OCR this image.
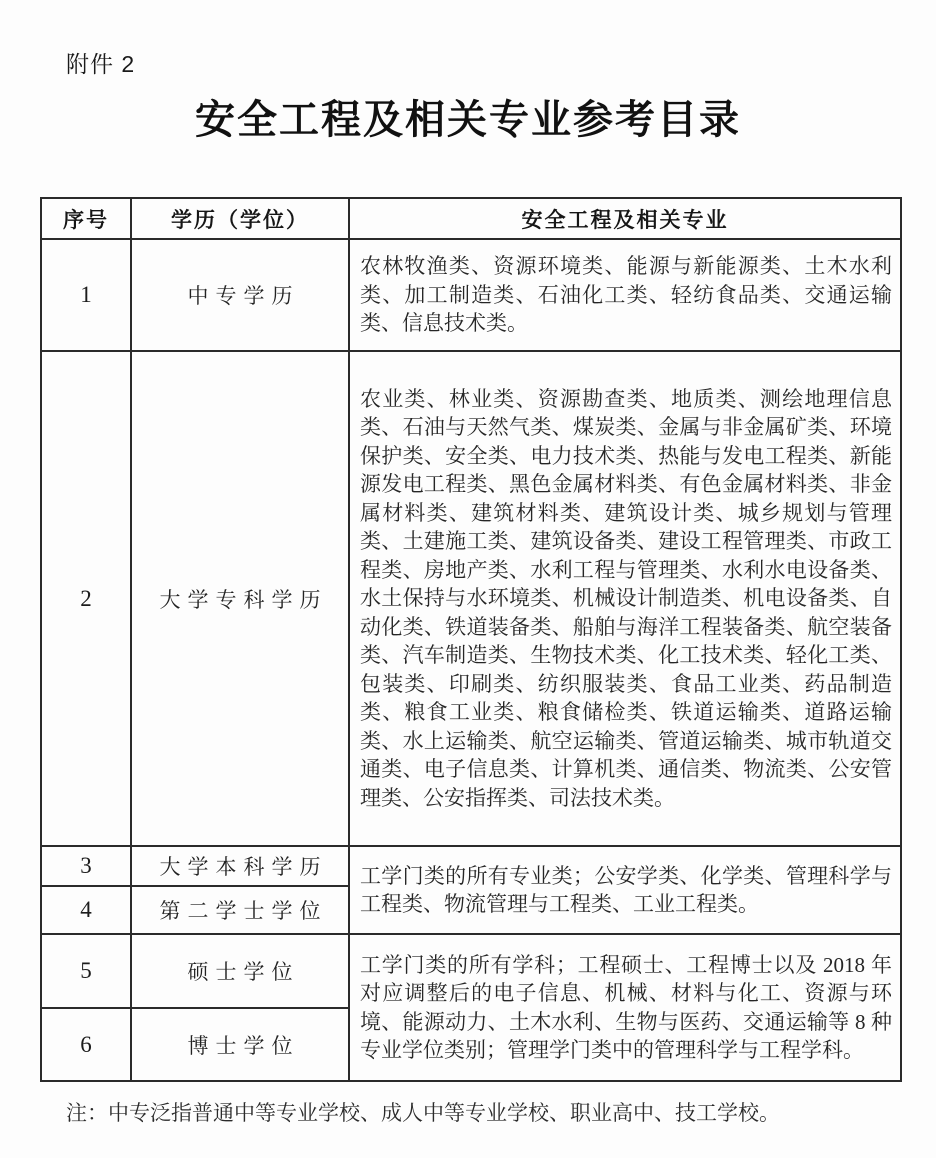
附件 2
安全工程及相关专业参考目录
序号	学历（学位）	安全工程及相关专业
1	中专学历	农林牧渔类、资源环境类、能源与新能源类、土木水利类、加工制造类、石油化工类、轻纺食品类、交通运输类、信息技术类。
2	大学专科学历	农业类、林业类、资源勘查类、地质类、测绘地理信息类、石油与天然气类、煤炭类、金属与非金属矿类、环境保护类、安全类、电力技术类、热能与发电工程类、新能源发电工程类、黑色金属材料类、有色金属材料类、非金属材料类、建筑材料类、建筑设计类、城乡规划与管理类、土建施工类、建筑设备类、建设工程管理类、市政工程类、房地产类、水利工程与管理类、水利水电设备类、水土保持与水环境类、机械设计制造类、机电设备类、自动化类、铁道装备类、船舶与海洋工程装备类、航空装备类、汽车制造类、生物技术类、化工技术类、轻化工类、包装类、印刷类、纺织服装类、食品工业类、药品制造类、粮食工业类、粮食储检类、铁道运输类、道路运输类、水上运输类、航空运输类、管道运输类、城市轨道交通类、电子信息类、计算机类、通信类、物流类、公安管理类、公安指挥类、司法技术类。
3	大学本科学历	工学门类的所有专业类；公安学类、化学类、管理科学与工程类、物流管理与工程类、工业工程类。
4	第二学士学位	
5	硕士学位	工学门类的所有学科；工程硕士、工程博士以及 2018 年对应调整后的电子信息、机械、材料与化工、资源与环境、能源动力、土木水利、生物与医药、交通运输等 8 种专业学位类别；管理学门类中的管理科学与工程学科。
6	博士学位	
注：中专泛指普通中等专业学校、成人中等专业学校、职业高中、技工学校。
